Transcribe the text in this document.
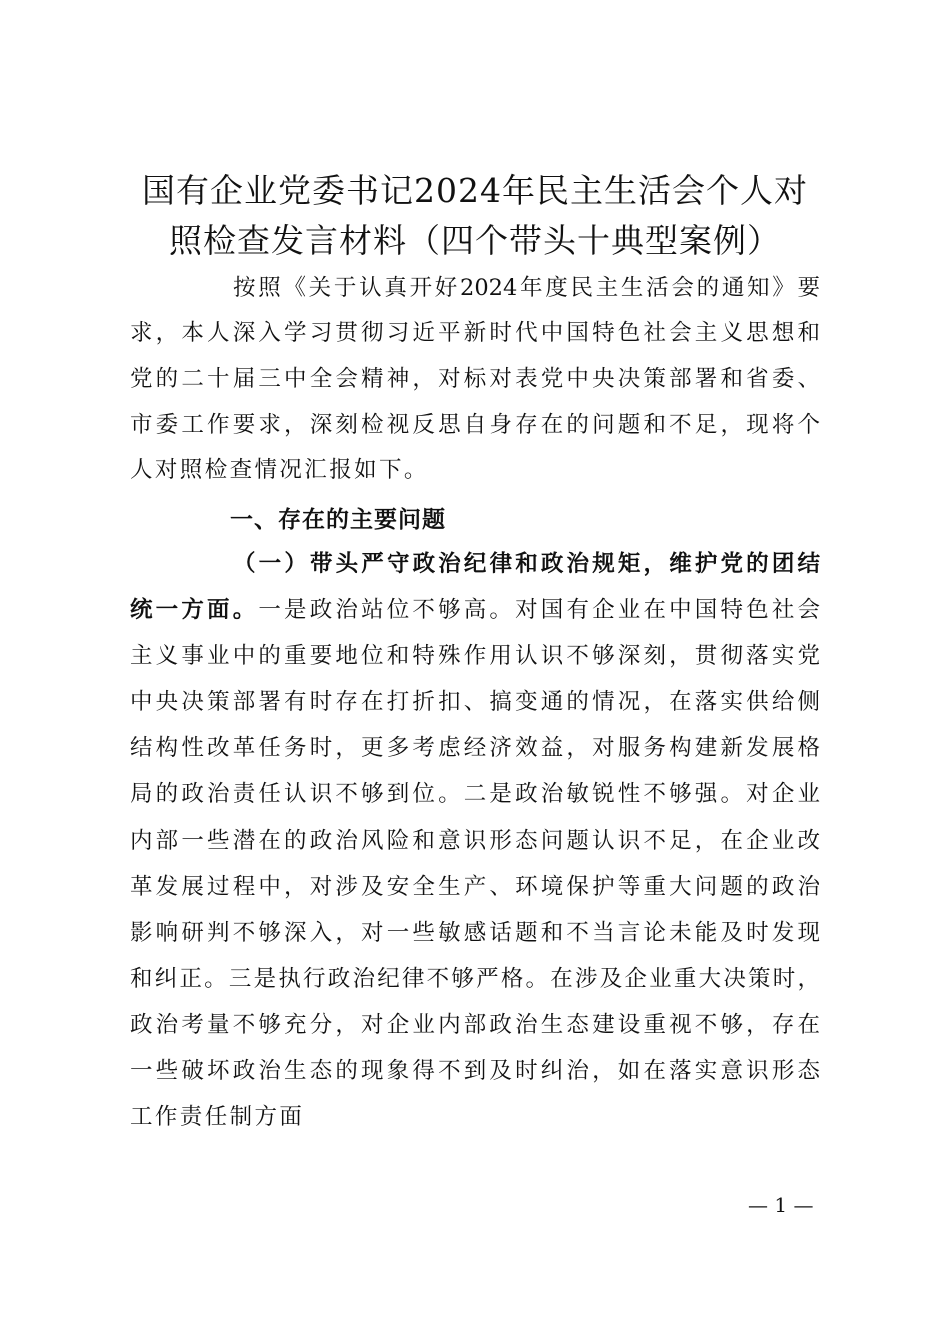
国有企业党委书记2024年民主生活会个人对
照检查发言材料（四个带头十典型案例）

按照《关于认真开好2024年度民主生活会的通知》要

求，本人深入学习贯彻习近平新时代中国特色社会主义思想和

党的二十届三中全会精神，对标对表党中央决策部署和省委、

市委工作要求，深刻检视反思自身存在的问题和不足，现将个

人对照检查情况汇报如下。

一、存在的主要问题

（一）带头严守政治纪律和政治规矩，维护党的团结

统一方面。一是政治站位不够高。对国有企业在中国特色社会

主义事业中的重要地位和特殊作用认识不够深刻，贯彻落实党

中央决策部署有时存在打折扣、搞变通的情况，在落实供给侧

结构性改革任务时，更多考虑经济效益，对服务构建新发展格

局的政治责任认识不够到位。二是政治敏锐性不够强。对企业

内部一些潜在的政治风险和意识形态问题认识不足，在企业改

革发展过程中，对涉及安全生产、环境保护等重大问题的政治

影响研判不够深入，对一些敏感话题和不当言论未能及时发现

和纠正。三是执行政治纪律不够严格。在涉及企业重大决策时，

政治考量不够充分，对企业内部政治生态建设重视不够，存在

一些破坏政治生态的现象得不到及时纠治，如在落实意识形态

工作责任制方面

— 1 —
